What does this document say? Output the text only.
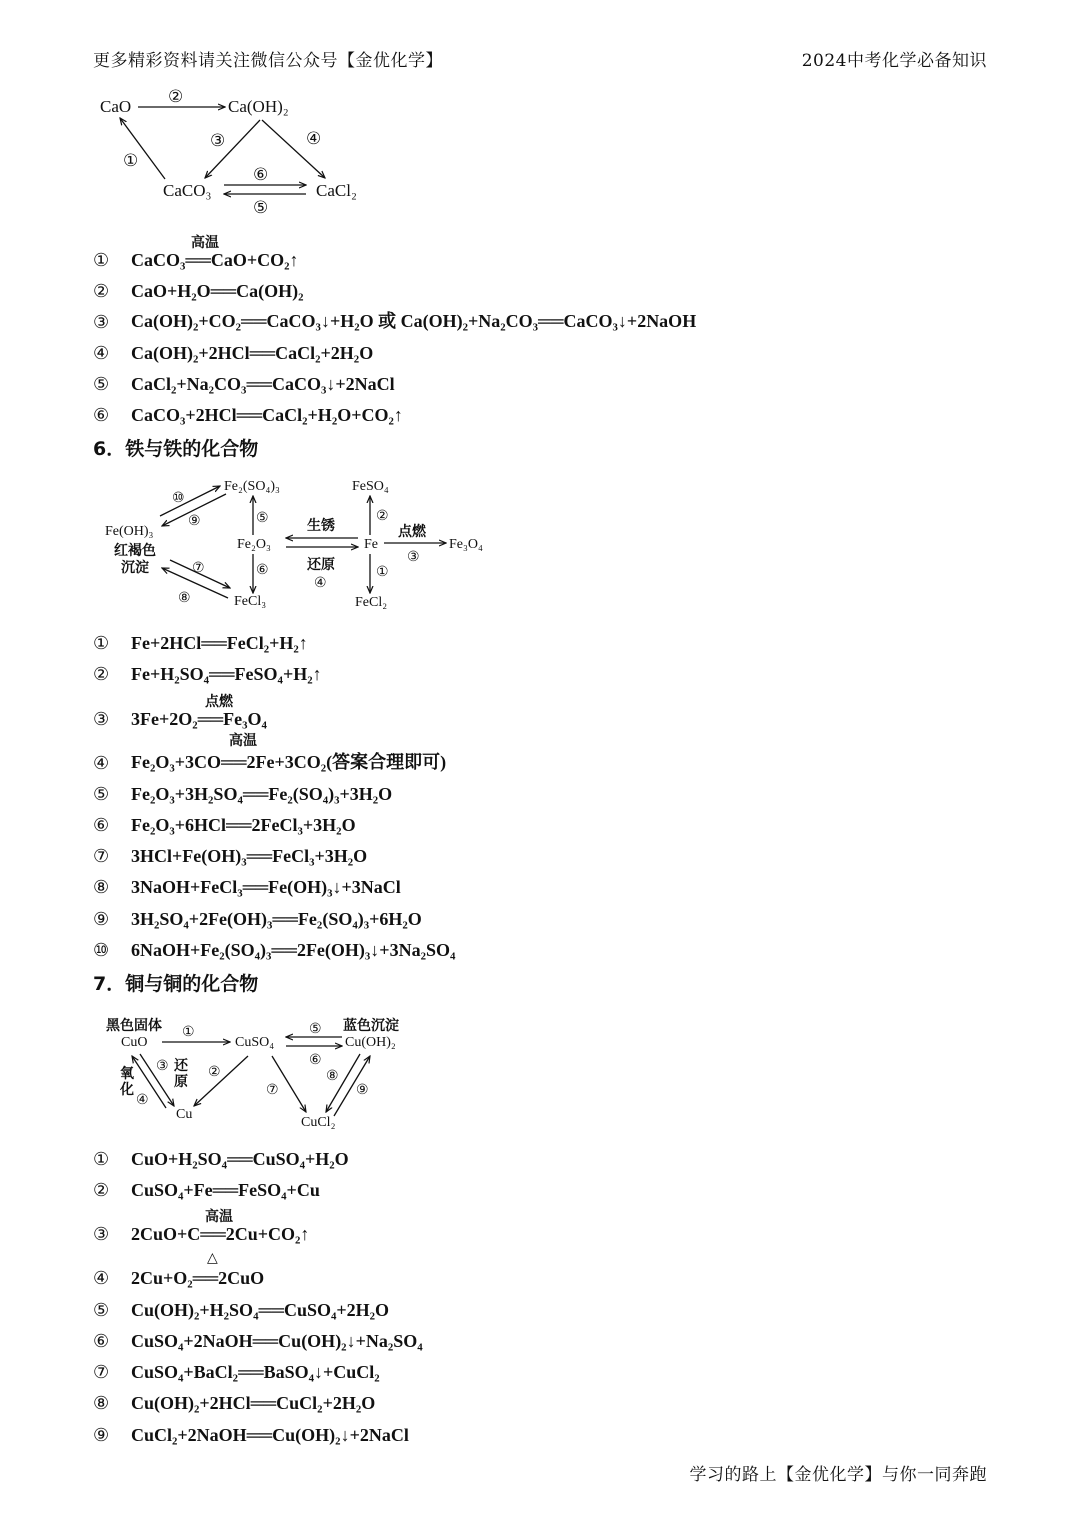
更多精彩资料请关注微信公众号【金优化学】	2024中考化学必备知识
CaO	Ca(OH)₂
CaCO₃	CaCl₂
②
①
③	④
⑥
⑤
①
高温
CaCO₃══CaO+CO₂↑
②	CaO+H₂O══Ca(OH)₂
③	Ca(OH)₂+CO₂══CaCO₃↓+H₂O 或 Ca(OH)₂+Na₂CO₃══CaCO₃↓+2NaOH
④	Ca(OH)₂+2HCl══CaCl₂+2H₂O
⑤	CaCl₂+Na₂CO₃══CaCO₃↓+2NaCl
⑥	CaCO₃+2HCl══CaCl₂+H₂O+CO₂↑
6．铁与铁的化合物
Fe₂(SO₄)₃
Fe(OH)₃
红褐色
沉淀
Fe₂O₃
FeCl₃
FeSO₄
Fe	Fe₃O₄
FeCl₂
生锈
还原
点燃
⑩
⑨
⑦
⑧
⑤
⑥
④
②
①
③
①	Fe+2HCl══FeCl₂+H₂↑
②	Fe+H₂SO₄══FeSO₄+H₂↑
③
点燃
3Fe+2O₂══Fe₃O₄
④
高温
Fe₂O₃+3CO══2Fe+3CO₂(答案合理即可)
⑤	Fe₂O₃+3H₂SO₄══Fe₂(SO₄)₃+3H₂O
⑥	Fe₂O₃+6HCl══2FeCl₃+3H₂O
⑦	3HCl+Fe(OH)₃══FeCl₃+3H₂O
⑧	3NaOH+FeCl₃══Fe(OH)₃↓+3NaCl
⑨	3H₂SO₄+2Fe(OH)₃══Fe₂(SO₄)₃+6H₂O
⑩	6NaOH+Fe₂(SO₄)₃══2Fe(OH)₃↓+3Na₂SO₄
7．铜与铜的化合物
黑色固体
CuO	CuSO₄
蓝色沉淀
Cu(OH)₂
Cu
CuCl₂
①	⑤
⑥
②
③ 还
原
氧
化
④
⑦
⑧
⑨
①	CuO+H₂SO₄══CuSO₄+H₂O
②	CuSO₄+Fe══FeSO₄+Cu
③
高温
2CuO+C══2Cu+CO₂↑
④
△
2Cu+O₂══2CuO
⑤	Cu(OH)₂+H₂SO₄══CuSO₄+2H₂O
⑥	CuSO₄+2NaOH══Cu(OH)₂↓+Na₂SO₄
⑦	CuSO₄+BaCl₂══BaSO₄↓+CuCl₂
⑧	Cu(OH)₂+2HCl══CuCl₂+2H₂O
⑨	CuCl₂+2NaOH══Cu(OH)₂↓+2NaCl
学习的路上【金优化学】与你一同奔跑
